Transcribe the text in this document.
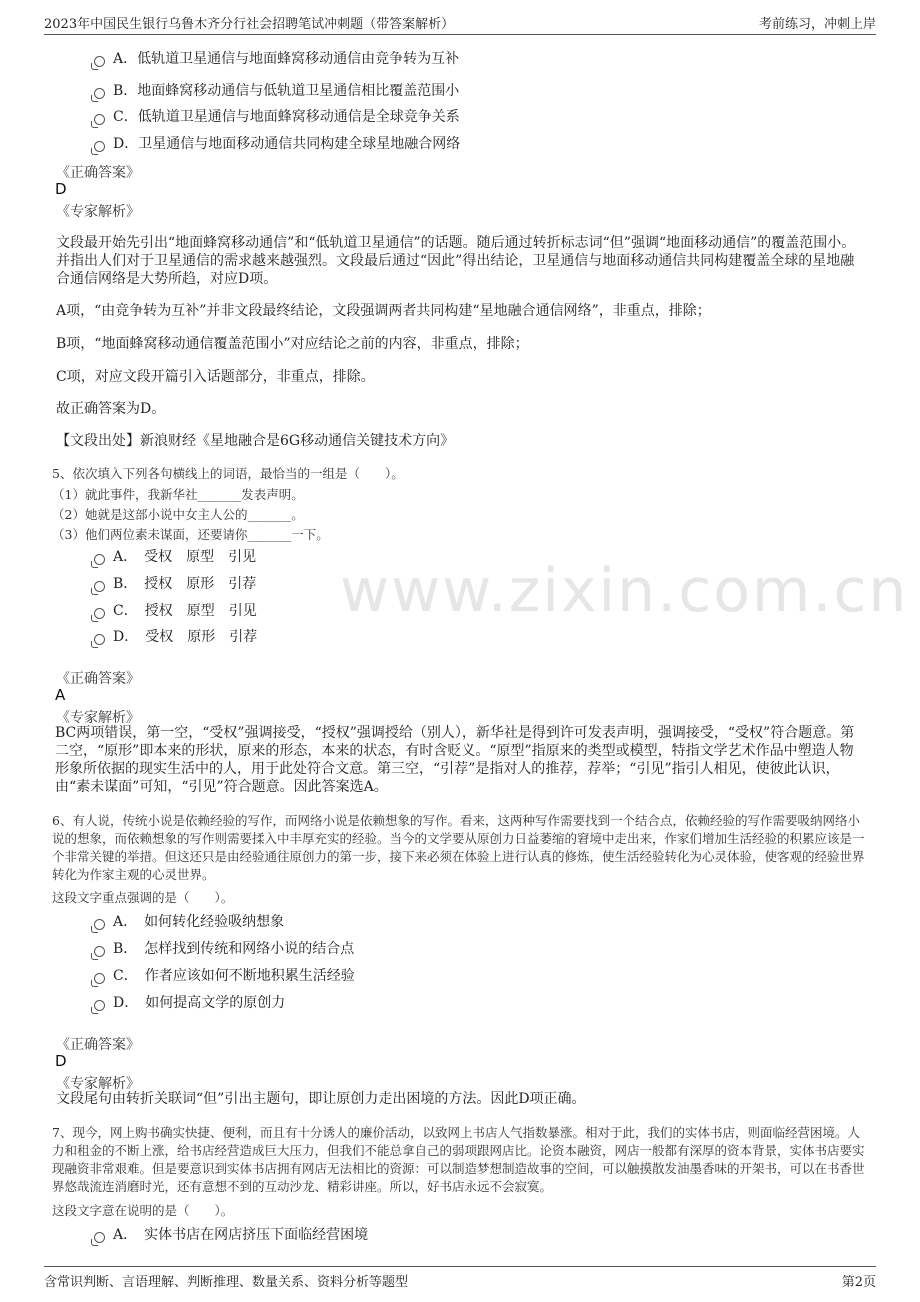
2023年中国民生银行乌鲁木齐分行社会招聘笔试冲刺题（带答案解析）	考前练习，冲刺上岸
www.zixin.com.cn
A．低轨道卫星通信与地面蜂窝移动通信由竞争转为互补
B．地面蜂窝移动通信与低轨道卫星通信相比覆盖范围小
C．低轨道卫星通信与地面蜂窝移动通信是全球竞争关系
D．卫星通信与地面移动通信共同构建全球星地融合网络
《正确答案》
D
《专家解析》
文段最开始先引出“地面蜂窝移动通信”和“低轨道卫星通信”的话题。随后通过转折标志词“但”强调“地面移动通信”的覆盖范围小。并指出人们对于卫星通信的需求越来越强烈。文段最后通过“因此”得出结论，卫星通信与地面移动通信共同构建覆盖全球的星地融合通信网络是大势所趋，对应D项。
A项，“由竞争转为互补”并非文段最终结论，文段强调两者共同构建“星地融合通信网络”，非重点，排除；
B项，“地面蜂窝移动通信覆盖范围小”对应结论之前的内容，非重点，排除；
C项，对应文段开篇引入话题部分，非重点，排除。
故正确答案为D。
【文段出处】新浪财经《星地融合是6G移动通信关键技术方向》
5、依次填入下列各句横线上的词语，最恰当的一组是（　　）。
（1）就此事件，我新华社_______发表声明。
（2）她就是这部小说中女主人公的_______。
（3）他们两位素未谋面，还要请你_______一下。
A．　受权　原型　引见
B．　授权　原形　引荐
C．　授权　原型　引见
D．　受权　原形　引荐
《正确答案》
A
《专家解析》
BC两项错误，第一空，“受权”强调接受，“授权”强调授给（别人），新华社是得到许可发表声明，强调接受，“受权”符合题意。第二空，“原形”即本来的形状，原来的形态，本来的状态，有时含贬义。“原型”指原来的类型或模型，特指文学艺术作品中塑造人物形象所依据的现实生活中的人，用于此处符合文意。第三空，“引荐”是指对人的推荐，荐举；“引见”指引人相见，使彼此认识，由“素未谋面”可知，“引见”符合题意。因此答案选A。
6、有人说，传统小说是依赖经验的写作，而网络小说是依赖想象的写作。看来，这两种写作需要找到一个结合点，依赖经验的写作需要吸纳网络小说的想象，而依赖想象的写作则需要揉入中丰厚充实的经验。当今的文学要从原创力日益萎缩的窘境中走出来，作家们增加生活经验的积累应该是一个非常关键的举措。但这还只是由经验通往原创力的第一步，接下来必须在体验上进行认真的修炼，使生活经验转化为心灵体验，使客观的经验世界转化为作家主观的心灵世界。
这段文字重点强调的是（　　）。
A．　如何转化经验吸纳想象
B．　怎样找到传统和网络小说的结合点
C．　作者应该如何不断地积累生活经验
D．　如何提高文学的原创力
《正确答案》
D
《专家解析》
文段尾句由转折关联词“但”引出主题句，即让原创力走出困境的方法。因此D项正确。
7、现今，网上购书确实快捷、便利，而且有十分诱人的廉价活动，以致网上书店人气指数暴涨。相对于此，我们的实体书店，则面临经营困境。人力和租金的不断上涨，给书店经营造成巨大压力，但我们不能总拿自己的弱项跟网店比。论资本融资，网店一般都有深厚的资本背景，实体书店要实现融资非常艰难。但是要意识到实体书店拥有网店无法相比的资源：可以制造梦想制造故事的空间，可以触摸散发油墨香味的开架书，可以在书香世界悠哉流连消磨时光，还有意想不到的互动沙龙、精彩讲座。所以，好书店永远不会寂寞。
这段文字意在说明的是（　　）。
A．　实体书店在网店挤压下面临经营困境
含常识判断、言语理解、判断推理、数量关系、资料分析等题型	第2页
